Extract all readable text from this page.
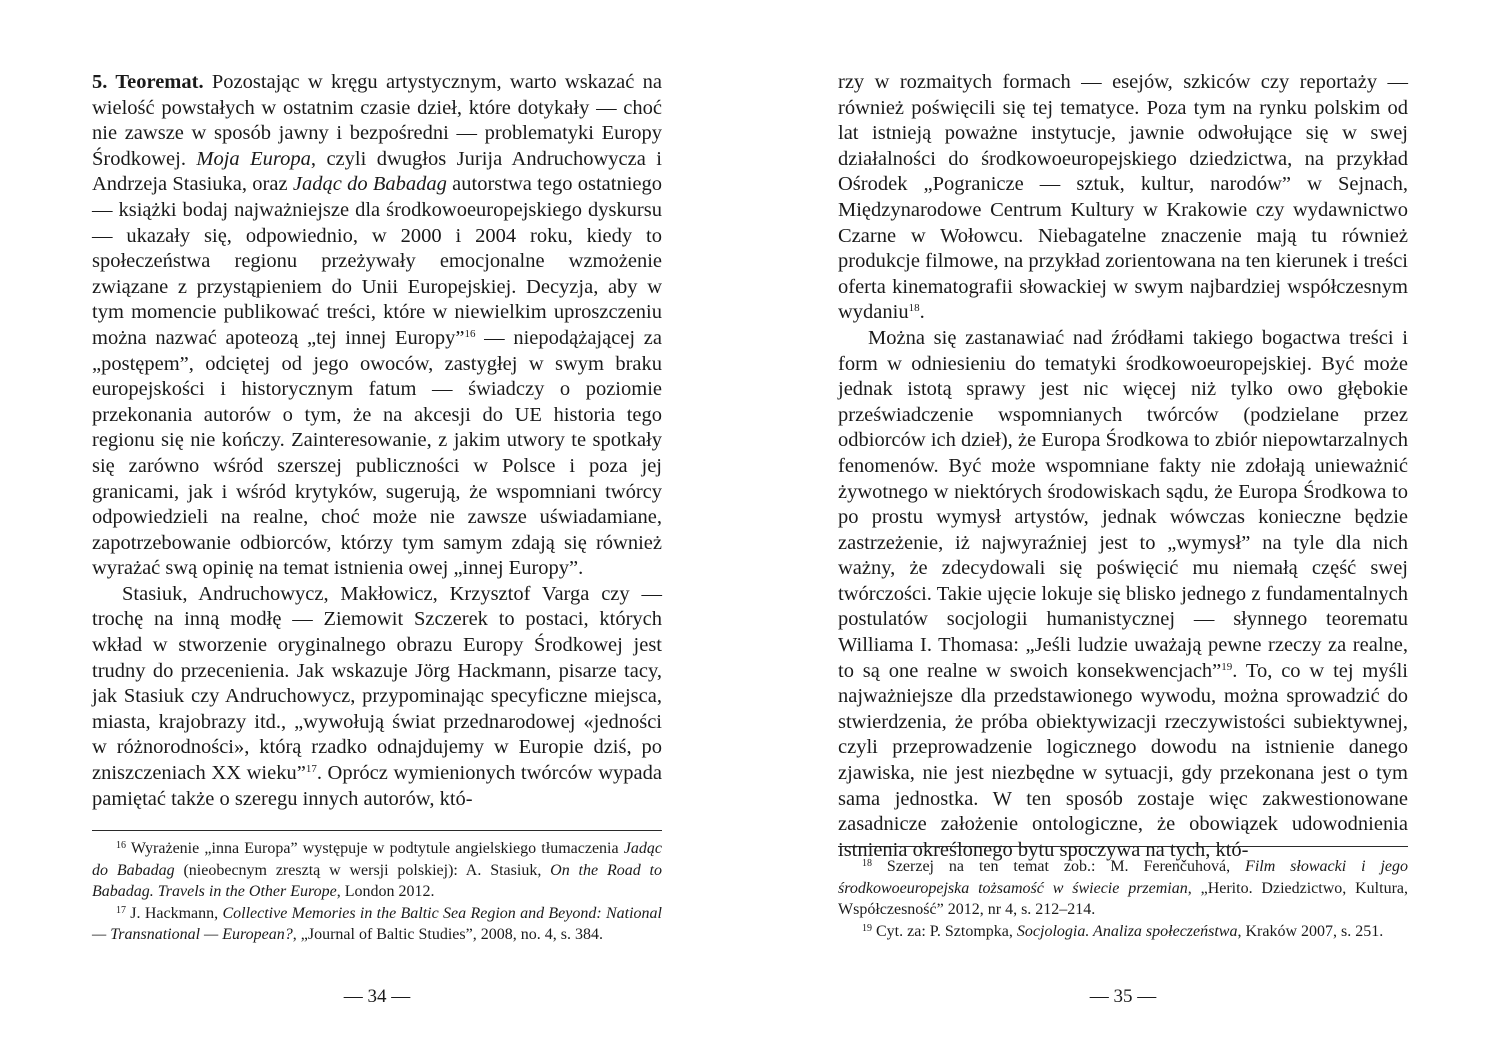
5. Teoremat. Pozostając w kręgu artystycznym, warto wskazać na wielość powstałych w ostatnim czasie dzieł, które dotykały — choć nie zawsze w sposób jawny i bezpośredni — problematyki Europy Środkowej. Moja Europa, czyli dwugłos Jurija Andruchowycza i Andrzeja Stasiuka, oraz Jadąc do Babadag autorstwa tego ostatniego — książki bodaj najważniejsze dla środkowoeuropejskiego dyskursu — ukazały się, odpowiednio, w 2000 i 2004 roku, kiedy to społeczeństwa regionu przeżywały emocjonalne wzmożenie związane z przystąpieniem do Unii Europejskiej. Decyzja, aby w tym momencie publikować treści, które w niewielkim uproszczeniu można nazwać apoteozą „tej innej Europy”$^{16}$ — niepodążającej za „postępem”, odciętej od jego owoców, zastygłej w swym braku europejskości i historycznym fatum — świadczy o poziomie przekonania autorów o tym, że na akcesji do UE historia tego regionu się nie kończy. Zainteresowanie, z jakim utwory te spotkały się zarówno wśród szerszej publiczności w Polsce i poza jej granicami, jak i wśród krytyków, sugerują, że wspomniani twórcy odpowiedzieli na realne, choć może nie zawsze uświadamiane, zapotrzebowanie odbiorców, którzy tym samym zdają się również wyrażać swą opinię na temat istnienia owej „innej Europy”.

Stasiuk, Andruchowycz, Makłowicz, Krzysztof Varga czy — trochę na inną modłę — Ziemowit Szczerek to postaci, których wkład w stworzenie oryginalnego obrazu Europy Środkowej jest trudny do przecenienia. Jak wskazuje Jörg Hackmann, pisarze tacy, jak Stasiuk czy Andruchowycz, przypominając specyficzne miejsca, miasta, krajobrazy itd., „wywołują świat przednarodowej «jedności w różnorodności», którą rzadko odnajdujemy w Europie dziś, po zniszczeniach XX wieku”$^{17}$. Oprócz wymienionych twórców wypada pamiętać także o szeregu innych autorów, któ-

$^{16}$ Wyrażenie „inna Europa” występuje w podtytule angielskiego tłumaczenia Jadąc do Babadag (nieobecnym zresztą w wersji polskiej): A. Stasiuk, On the Road to Babadag. Travels in the Other Europe, London 2012.

$^{17}$ J. Hackmann, Collective Memories in the Baltic Sea Region and Beyond: National — Transnational — European?, „Journal of Baltic Studies”, 2008, no. 4, s. 384.

— 34 —

rzy w rozmaitych formach — esejów, szkiców czy reportaży — również poświęcili się tej tematyce. Poza tym na rynku polskim od lat istnieją poważne instytucje, jawnie odwołujące się w swej działalności do środkowoeuropejskiego dziedzictwa, na przykład Ośrodek „Pogranicze — sztuk, kultur, narodów” w Sejnach, Międzynarodowe Centrum Kultury w Krakowie czy wydawnictwo Czarne w Wołowcu. Niebagatelne znaczenie mają tu również produkcje filmowe, na przykład zorientowana na ten kierunek i treści oferta kinematografii słowackiej w swym najbardziej współczesnym wydaniu$^{18}$.

Można się zastanawiać nad źródłami takiego bogactwa treści i form w odniesieniu do tematyki środkowoeuropejskiej. Być może jednak istotą sprawy jest nic więcej niż tylko owo głębokie przeświadczenie wspomnianych twórców (podzielane przez odbiorców ich dzieł), że Europa Środkowa to zbiór niepowtarzalnych fenomenów. Być może wspomniane fakty nie zdołają unieważnić żywotnego w niektórych środowiskach sądu, że Europa Środkowa to po prostu wymysł artystów, jednak wówczas konieczne będzie zastrzeżenie, iż najwyraźniej jest to „wymysł” na tyle dla nich ważny, że zdecydowali się poświęcić mu niemałą część swej twórczości. Takie ujęcie lokuje się blisko jednego z fundamentalnych postulatów socjologii humanistycznej — słynnego teorematu Williama I. Thomasa: „Jeśli ludzie uważają pewne rzeczy za realne, to są one realne w swoich konsekwencjach”$^{19}$. To, co w tej myśli najważniejsze dla przedstawionego wywodu, można sprowadzić do stwierdzenia, że próba obiektywizacji rzeczywistości subiektywnej, czyli przeprowadzenie logicznego dowodu na istnienie danego zjawiska, nie jest niezbędne w sytuacji, gdy przekonana jest o tym sama jednostka. W ten sposób zostaje więc zakwestionowane zasadnicze założenie ontologiczne, że obowiązek udowodnienia istnienia określonego bytu spoczywa na tych, któ-

$^{18}$ Szerzej na ten temat zob.: M. Ferenčuhová, Film słowacki i jego środkowoeuropejska tożsamość w świecie przemian, „Herito. Dziedzictwo, Kultura, Współczesność” 2012, nr 4, s. 212–214.

$^{19}$ Cyt. za: P. Sztompka, Socjologia. Analiza społeczeństwa, Kraków 2007, s. 251.

— 35 —
